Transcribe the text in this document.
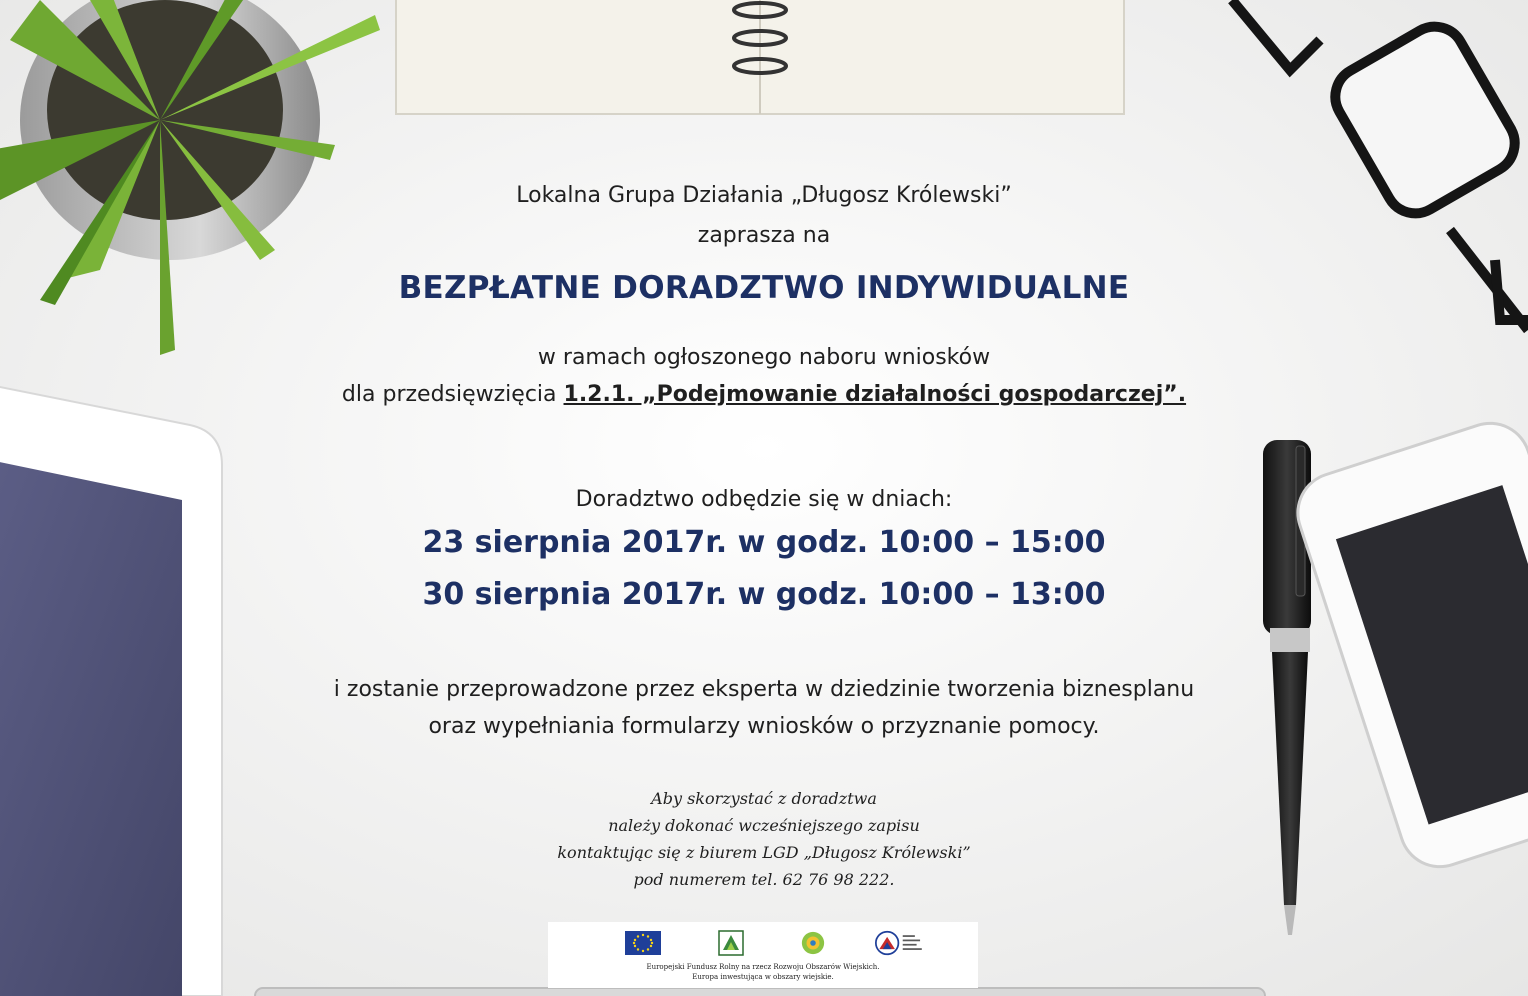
Lokalna Grupa Działania „Długosz Królewski”
zaprasza na
BEZPŁATNE DORADZTWO INDYWIDUALNE
w ramach ogłoszonego naboru wniosków
dla przedsięwzięcia 1.2.1. „Podejmowanie działalności gospodarczej”.
Doradztwo odbędzie się w dniach:
23 sierpnia 2017r. w godz. 10:00 – 15:00
30 sierpnia 2017r. w godz. 10:00 – 13:00
i zostanie przeprowadzone przez eksperta w dziedzinie tworzenia biznesplanu
oraz wypełniania formularzy wniosków o przyznanie pomocy.
Aby skorzystać z doradztwa
należy dokonać wcześniejszego zapisu
kontaktując się z biurem LGD „Długosz Królewski”
pod numerem tel. 62 76 98 222.
Europejski Fundusz Rolny na rzecz Rozwoju Obszarów Wiejskich.
Europa inwestująca w obszary wiejskie.
